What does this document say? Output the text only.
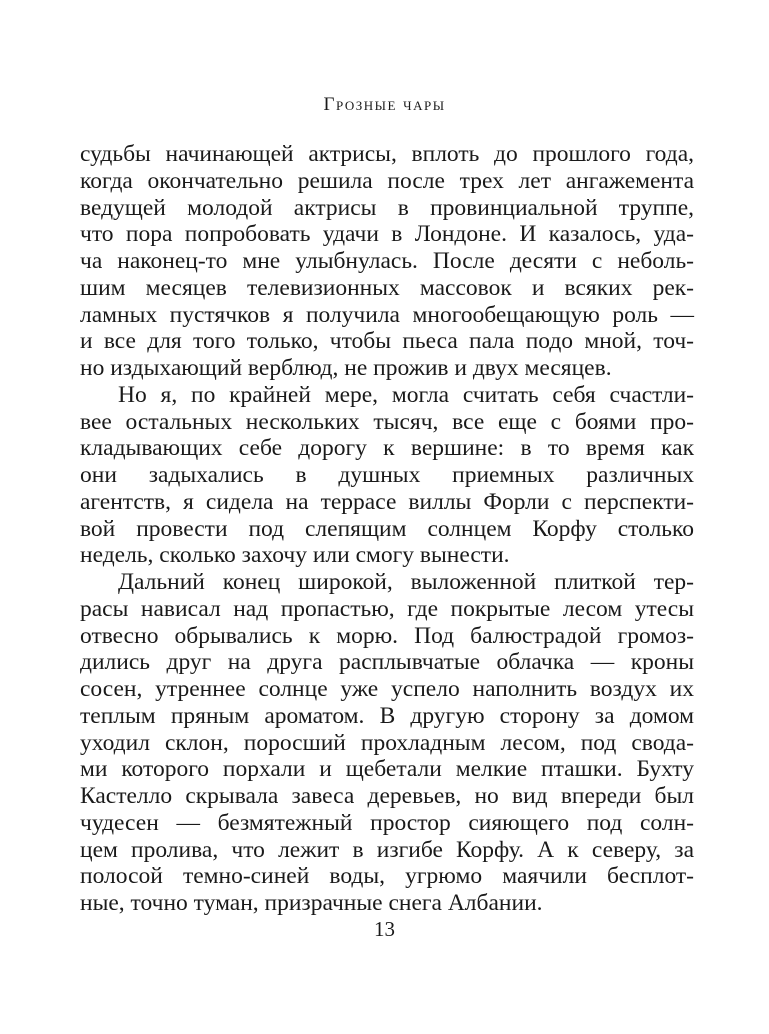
Грозные чары
судьбы начинающей актрисы, вплоть до прошлого года,
когда окончательно решила после трех лет ангажемента
ведущей молодой актрисы в провинциальной труппе,
что пора попробовать удачи в Лондоне. И казалось, уда-
ча наконец-то мне улыбнулась. После десяти с неболь-
шим месяцев телевизионных массовок и всяких рек-
ламных пустячков я получила многообещающую роль —
и все для того только, чтобы пьеса пала подо мной, точ-
но издыхающий верблюд, не прожив и двух месяцев.
Но я, по крайней мере, могла считать себя счастли-
вее остальных нескольких тысяч, все еще с боями про-
кладывающих себе дорогу к вершине: в то время как
они задыхались в душных приемных различных
агентств, я сидела на террасе виллы Форли с перспекти-
вой провести под слепящим солнцем Корфу столько
недель, сколько захочу или смогу вынести.
Дальний конец широкой, выложенной плиткой тер-
расы нависал над пропастью, где покрытые лесом утесы
отвесно обрывались к морю. Под балюстрадой громоз-
дились друг на друга расплывчатые облачка — кроны
сосен, утреннее солнце уже успело наполнить воздух их
теплым пряным ароматом. В другую сторону за домом
уходил склон, поросший прохладным лесом, под свода-
ми которого порхали и щебетали мелкие пташки. Бухту
Кастелло скрывала завеса деревьев, но вид впереди был
чудесен — безмятежный простор сияющего под солн-
цем пролива, что лежит в изгибе Корфу. А к северу, за
полосой темно-синей воды, угрюмо маячили бесплот-
ные, точно туман, призрачные снега Албании.
13
